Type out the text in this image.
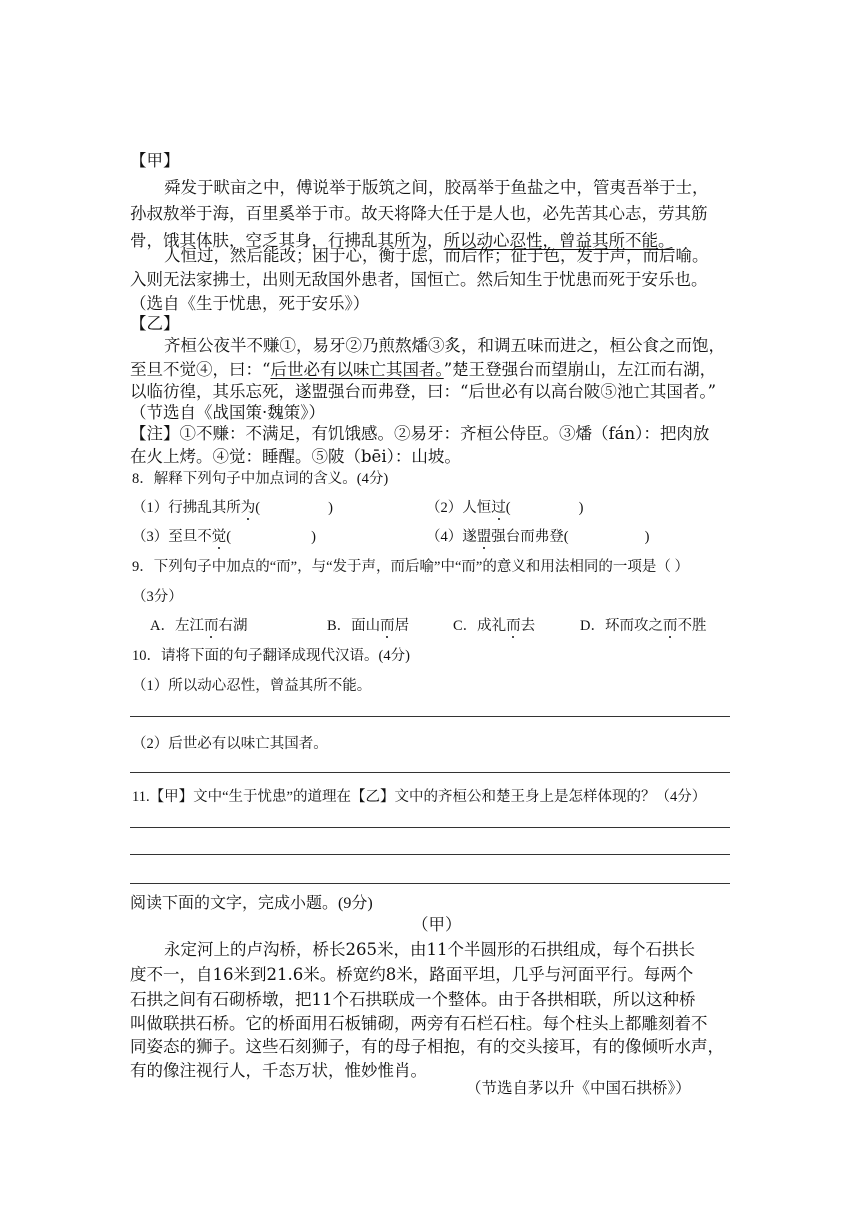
【甲】
舜发于畎亩之中，傅说举于版筑之间，胶鬲举于鱼盐之中，管夷吾举于士，
孙叔敖举于海，百里奚举于市。故天将降大任于是人也，必先苦其心志，劳其筋
骨，饿其体肤，空乏其身，行拂乱其所为，所以动心忍性，曾益其所不能。
人恒过，然后能改；困于心，衡于虑，而后作；征于色，发于声，而后喻。
入则无法家拂士，出则无敌国外患者，国恒亡。然后知生于忧患而死于安乐也。
（选自《生于忧患，死于安乐》）
【乙】
齐桓公夜半不赚①，易牙②乃煎熬燔③炙，和调五味而进之，桓公食之而饱，
至旦不觉④，曰：“后世必有以味亡其国者。”楚王登强台而望崩山，左江而右湖，
以临彷徨，其乐忘死，遂盟强台而弗登，曰：“后世必有以高台陂⑤池亡其国者。”
（节选自《战国策·魏策》）
【注】①不赚：不满足，有饥饿感。②易牙：齐桓公侍臣。③燔（fán）：把肉放
在火上烤。④觉：睡醒。⑤陂（bēi）：山坡。
8．解释下列句子中加点词的含义。(4分)
（1）行拂乱其所为(	)	（2）人恒过(	)
（3）至旦不觉(	)	（4）遂盟强台而弗登(	)
9．下列句子中加点的“而”，与“发于声，而后喻”中“而”的意义和用法相同的一项是（ ）
（3分）
A．左江而右湖	B．面山而居	C．成礼而去	D．环而攻之而不胜
10．请将下面的句子翻译成现代汉语。(4分)
（1）所以动心忍性，曾益其所不能。
（2）后世必有以味亡其国者。
11.【甲】文中“生于忧患”的道理在【乙】文中的齐桓公和楚王身上是怎样体现的？（4分）
阅读下面的文字，完成小题。(9分)
（甲）
永定河上的卢沟桥，桥长265米，由11个半圆形的石拱组成，每个石拱长
度不一，自16米到21.6米。桥宽约8米，路面平坦，几乎与河面平行。每两个
石拱之间有石砌桥墩，把11个石拱联成一个整体。由于各拱相联，所以这种桥
叫做联拱石桥。它的桥面用石板铺砌，两旁有石栏石柱。每个柱头上都雕刻着不
同姿态的狮子。这些石刻狮子，有的母子相抱，有的交头接耳，有的像倾听水声，
有的像注视行人，千态万状，惟妙惟肖。
（节选自茅以升《中国石拱桥》）
